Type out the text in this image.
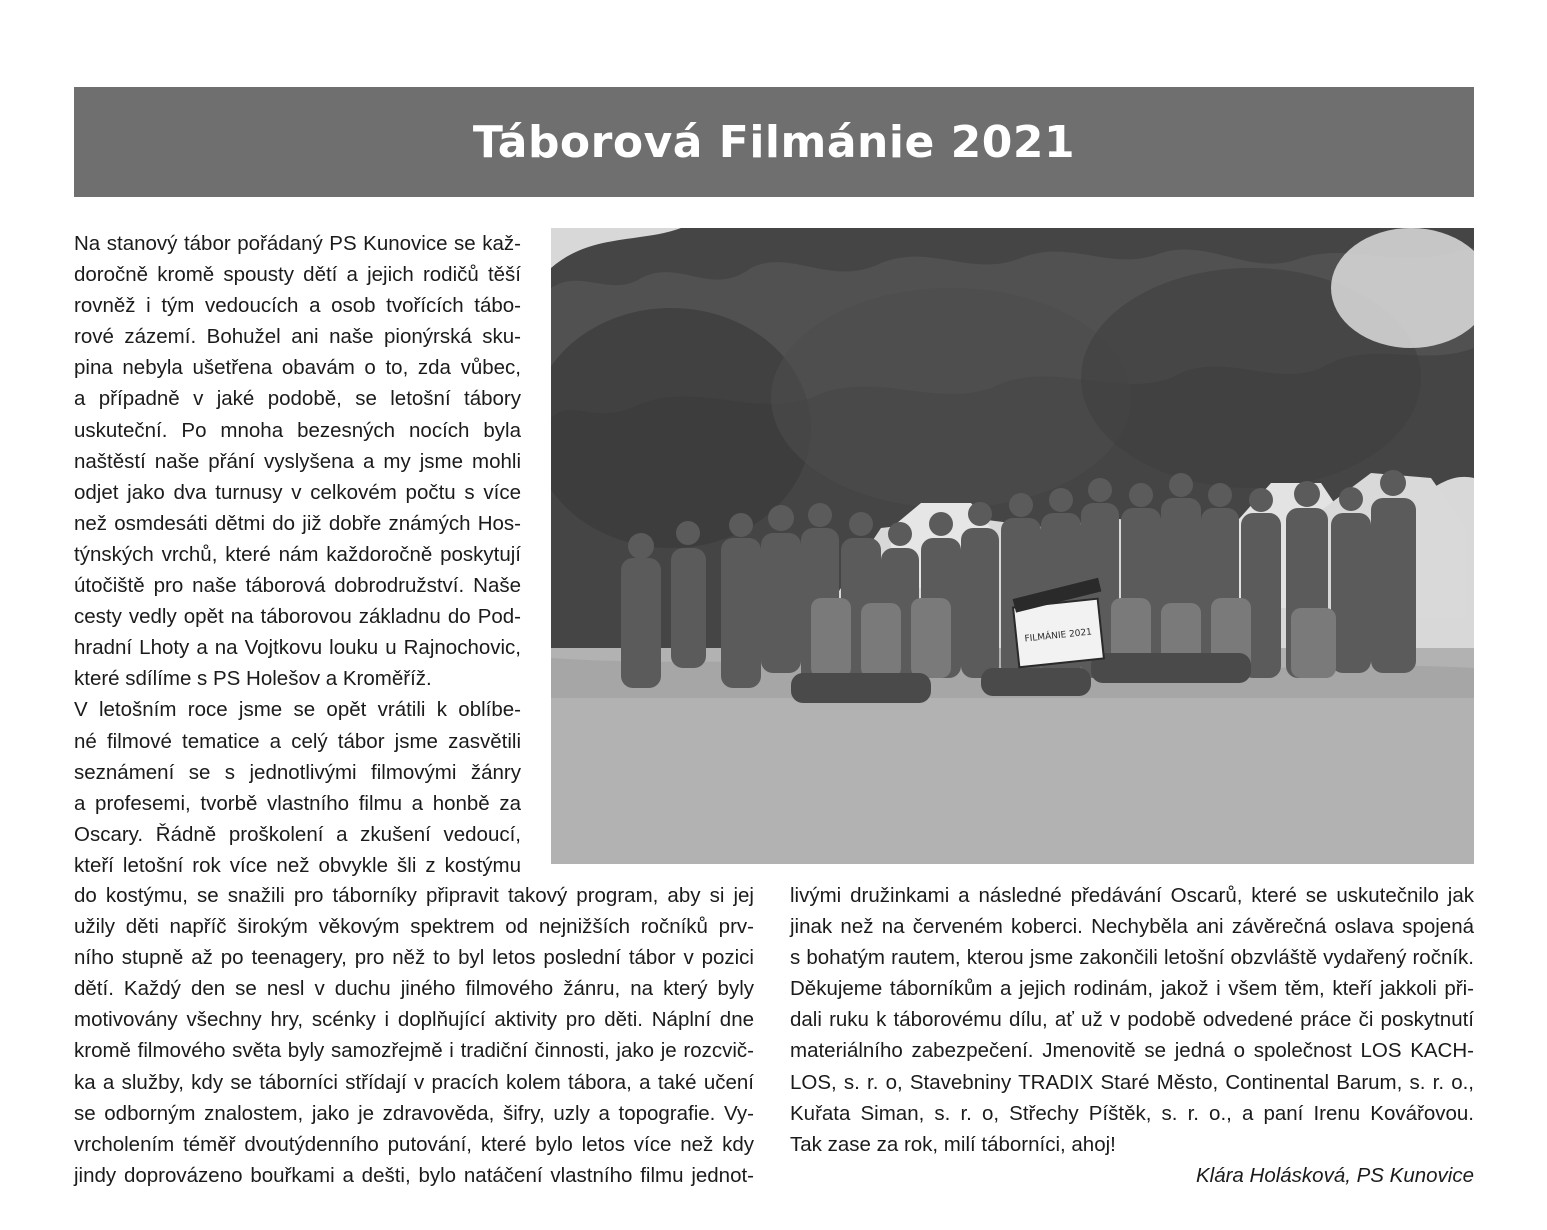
Táborová Filmánie 2021
FILMÁNIE 2021
Na stanový tábor pořádaný PS Kunovice se kaž-
doročně kromě spousty dětí a jejich rodičů těší
rovněž i tým vedoucích a osob tvořících tábo-
rové zázemí. Bohužel ani naše pionýrská sku-
pina nebyla ušetřena obavám o to, zda vůbec,
a případně v jaké podobě, se letošní tábory
uskuteční. Po mnoha bezesných nocích byla
naštěstí naše přání vyslyšena a my jsme mohli
odjet jako dva turnusy v celkovém počtu s více
než osmdesáti dětmi do již dobře známých Hos-
týnských vrchů, které nám každoročně poskytují
útočiště pro naše táborová dobrodružství. Naše
cesty vedly opět na táborovou základnu do Pod-
hradní Lhoty a na Vojtkovu louku u Rajnochovic,
které sdílíme s PS Holešov a Kroměříž.
V letošním roce jsme se opět vrátili k oblíbe-
né filmové tematice a celý tábor jsme zasvětili
seznámení se s jednotlivými filmovými žánry
a profesemi, tvorbě vlastního filmu a honbě za
Oscary. Řádně proškolení a zkušení vedoucí,
kteří letošní rok více než obvykle šli z kostýmu
do kostýmu, se snažili pro táborníky připravit takový program, aby si jej
užily děti napříč širokým věkovým spektrem od nejnižších ročníků prv-
ního stupně až po teenagery, pro něž to byl letos poslední tábor v pozici
dětí. Každý den se nesl v duchu jiného filmového žánru, na který byly
motivovány všechny hry, scénky i doplňující aktivity pro děti. Náplní dne
kromě filmového světa byly samozřejmě i tradiční činnosti, jako je rozcvič-
ka a služby, kdy se táborníci střídají v pracích kolem tábora, a také učení
se odborným znalostem, jako je zdravověda, šifry, uzly a topografie. Vy-
vrcholením téměř dvoutýdenního putování, které bylo letos více než kdy
jindy doprovázeno bouřkami a dešti, bylo natáčení vlastního filmu jednot-
livými družinkami a následné předávání Oscarů, které se uskutečnilo jak
jinak než na červeném koberci. Nechyběla ani závěrečná oslava spojená
s bohatým rautem, kterou jsme zakončili letošní obzvláště vydařený ročník.
Děkujeme táborníkům a jejich rodinám, jakož i všem těm, kteří jakkoli při-
dali ruku k táborovému dílu, ať už v podobě odvedené práce či poskytnutí
materiálního zabezpečení. Jmenovitě se jedná o společnost LOS KACH-
LOS, s. r. o, Stavebniny TRADIX Staré Město, Continental Barum, s. r. o.,
Kuřata Siman, s. r. o, Střechy Píštěk, s. r. o., a paní Irenu Kovářovou.
Tak zase za rok, milí táborníci, ahoj!
Klára Holásková, PS Kunovice
